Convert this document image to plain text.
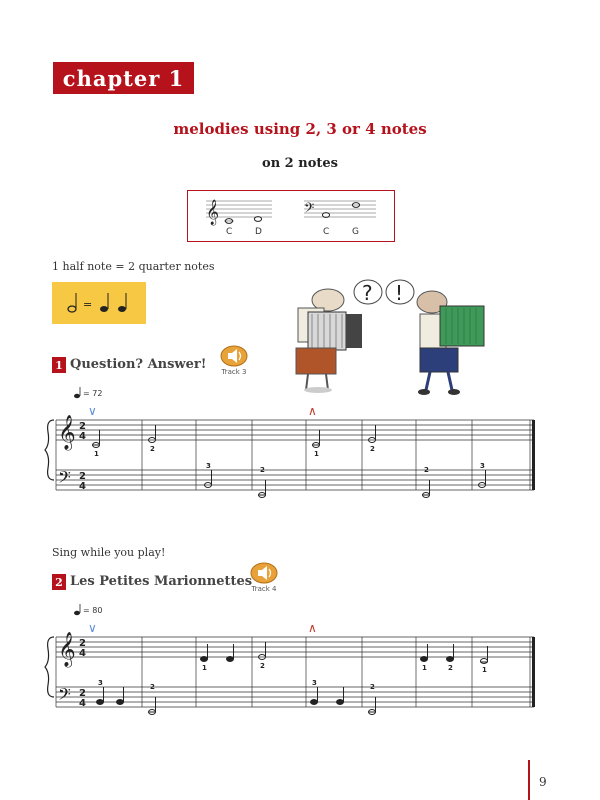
chapter 1
melodies using 2, 3 or 4 notes
on 2 notes
𝄞	𝄢
C	D	C	G
1 half note = 2 quarter notes
=	? !
1 Question? Answer!	Track 3
= 72
∨	∧
𝄞
𝄢
2
4
2
4
1
2
3	2
1
2
2	3
Sing while you play!
2 Les Petites Marionnettes Track 4
= 80
∨	∧
𝄞
𝄢
2
4
2
4
3	2
1	2
3	2
1	2	1
9
